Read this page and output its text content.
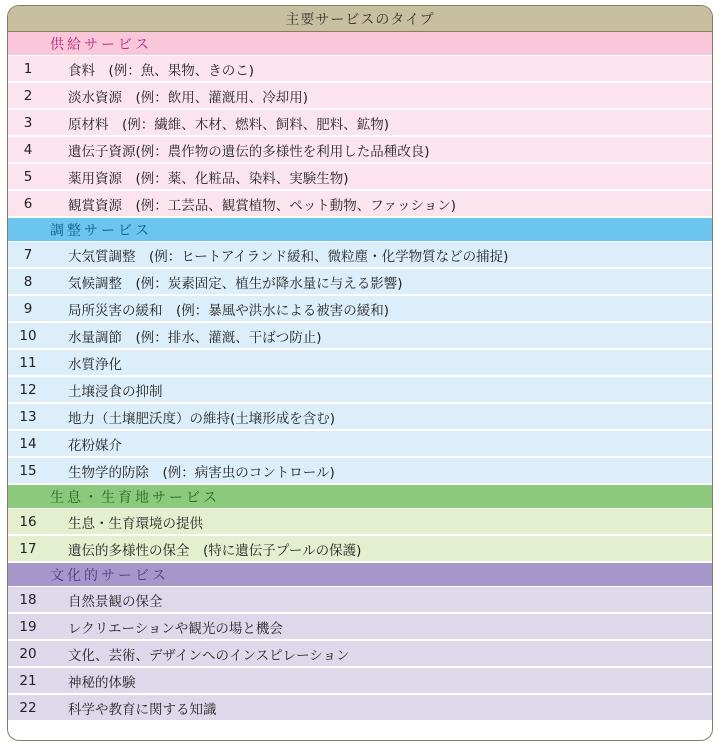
主要サービスのタイプ
供給サービス
1	食料　(例：魚、果物、きのこ)
2	淡水資源　(例：飲用、灌漑用、冷却用)
3	原材料　(例：繊維、木材、燃料、飼料、肥料、鉱物)
4	遺伝子資源(例：農作物の遺伝的多様性を利用した品種改良)
5	薬用資源　(例：薬、化粧品、染料、実験生物)
6	観賞資源　(例：工芸品、観賞植物、ペット動物、ファッション)
調整サービス
7	大気質調整　(例：ヒートアイランド緩和、微粒塵・化学物質などの捕捉)
8	気候調整　(例：炭素固定、植生が降水量に与える影響)
9	局所災害の緩和　(例：暴風や洪水による被害の緩和)
10	水量調節　(例：排水、灌漑、干ばつ防止)
11	水質浄化
12	土壌浸食の抑制
13	地力（土壌肥沃度）の維持(土壌形成を含む)
14	花粉媒介
15	生物学的防除　(例：病害虫のコントロール)
生息・生育地サービス
16	生息・生育環境の提供
17	遺伝的多様性の保全　(特に遺伝子プールの保護)
文化的サービス
18	自然景観の保全
19	レクリエーションや観光の場と機会
20	文化、芸術、デザインへのインスピレーション
21	神秘的体験
22	科学や教育に関する知識
